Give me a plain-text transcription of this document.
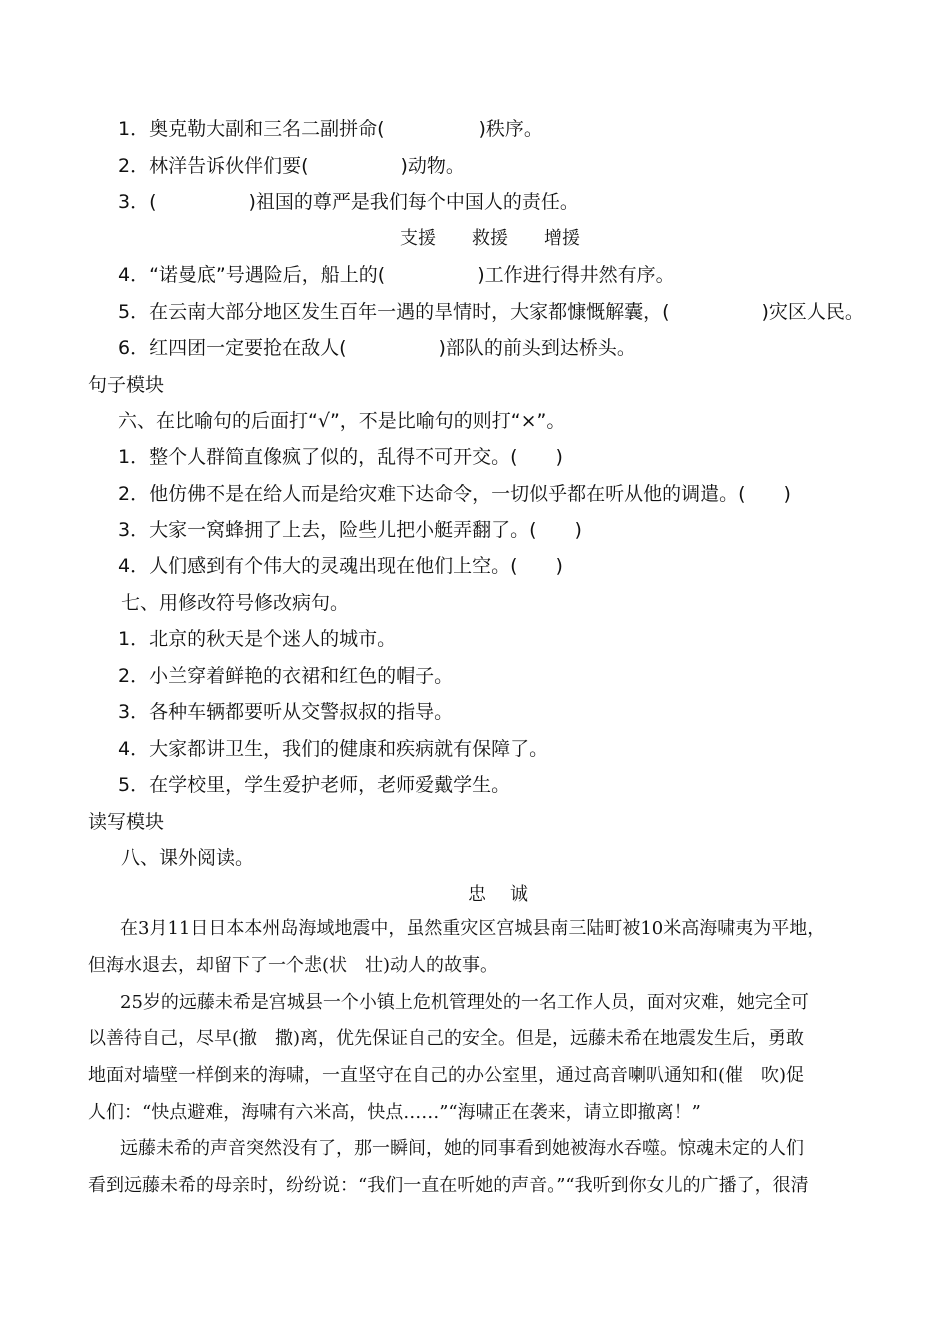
1．奥克勒大副和三名二副拼命(	)秩序。
2．林洋告诉伙伴们要(	)动物。
3．(	)祖国的尊严是我们每个中国人的责任。
支援 救援 增援
4．“诺曼底”号遇险后，船上的(	)工作进行得井然有序。
5．在云南大部分地区发生百年一遇的旱情时，大家都慷慨解囊，(	)灾区人民。
6．红四团一定要抢在敌人(	)部队的前头到达桥头。
句子模块
六、在比喻句的后面打“√”，不是比喻句的则打“×”。
1．整个人群简直像疯了似的，乱得不可开交。(　　)
2．他仿佛不是在给人而是给灾难下达命令，一切似乎都在听从他的调遣。(　　)
3．大家一窝蜂拥了上去，险些儿把小艇弄翻了。(　　)
4．人们感到有个伟大的灵魂出现在他们上空。(　　)
七、用修改符号修改病句。
1．北京的秋天是个迷人的城市。
2．小兰穿着鲜艳的衣裙和红色的帽子。
3．各种车辆都要听从交警叔叔的指导。
4．大家都讲卫生，我们的健康和疾病就有保障了。
5．在学校里，学生爱护老师，老师爱戴学生。
读写模块
八、课外阅读。
忠 诚
在3月11日日本本州岛海域地震中，虽然重灾区宫城县南三陆町被10米高海啸夷为平地，
但海水退去，却留下了一个悲(状　壮)动人的故事。
25岁的远藤未希是宫城县一个小镇上危机管理处的一名工作人员，面对灾难，她完全可
以善待自己，尽早(撤　撒)离，优先保证自己的安全。但是，远藤未希在地震发生后，勇敢
地面对墙壁一样倒来的海啸，一直坚守在自己的办公室里，通过高音喇叭通知和(催　吹)促
人们：“快点避难，海啸有六米高，快点……”“海啸正在袭来，请立即撤离！”
远藤未希的声音突然没有了，那一瞬间，她的同事看到她被海水吞噬。惊魂未定的人们
看到远藤未希的母亲时，纷纷说：“我们一直在听她的声音。”“我听到你女儿的广播了，很清
